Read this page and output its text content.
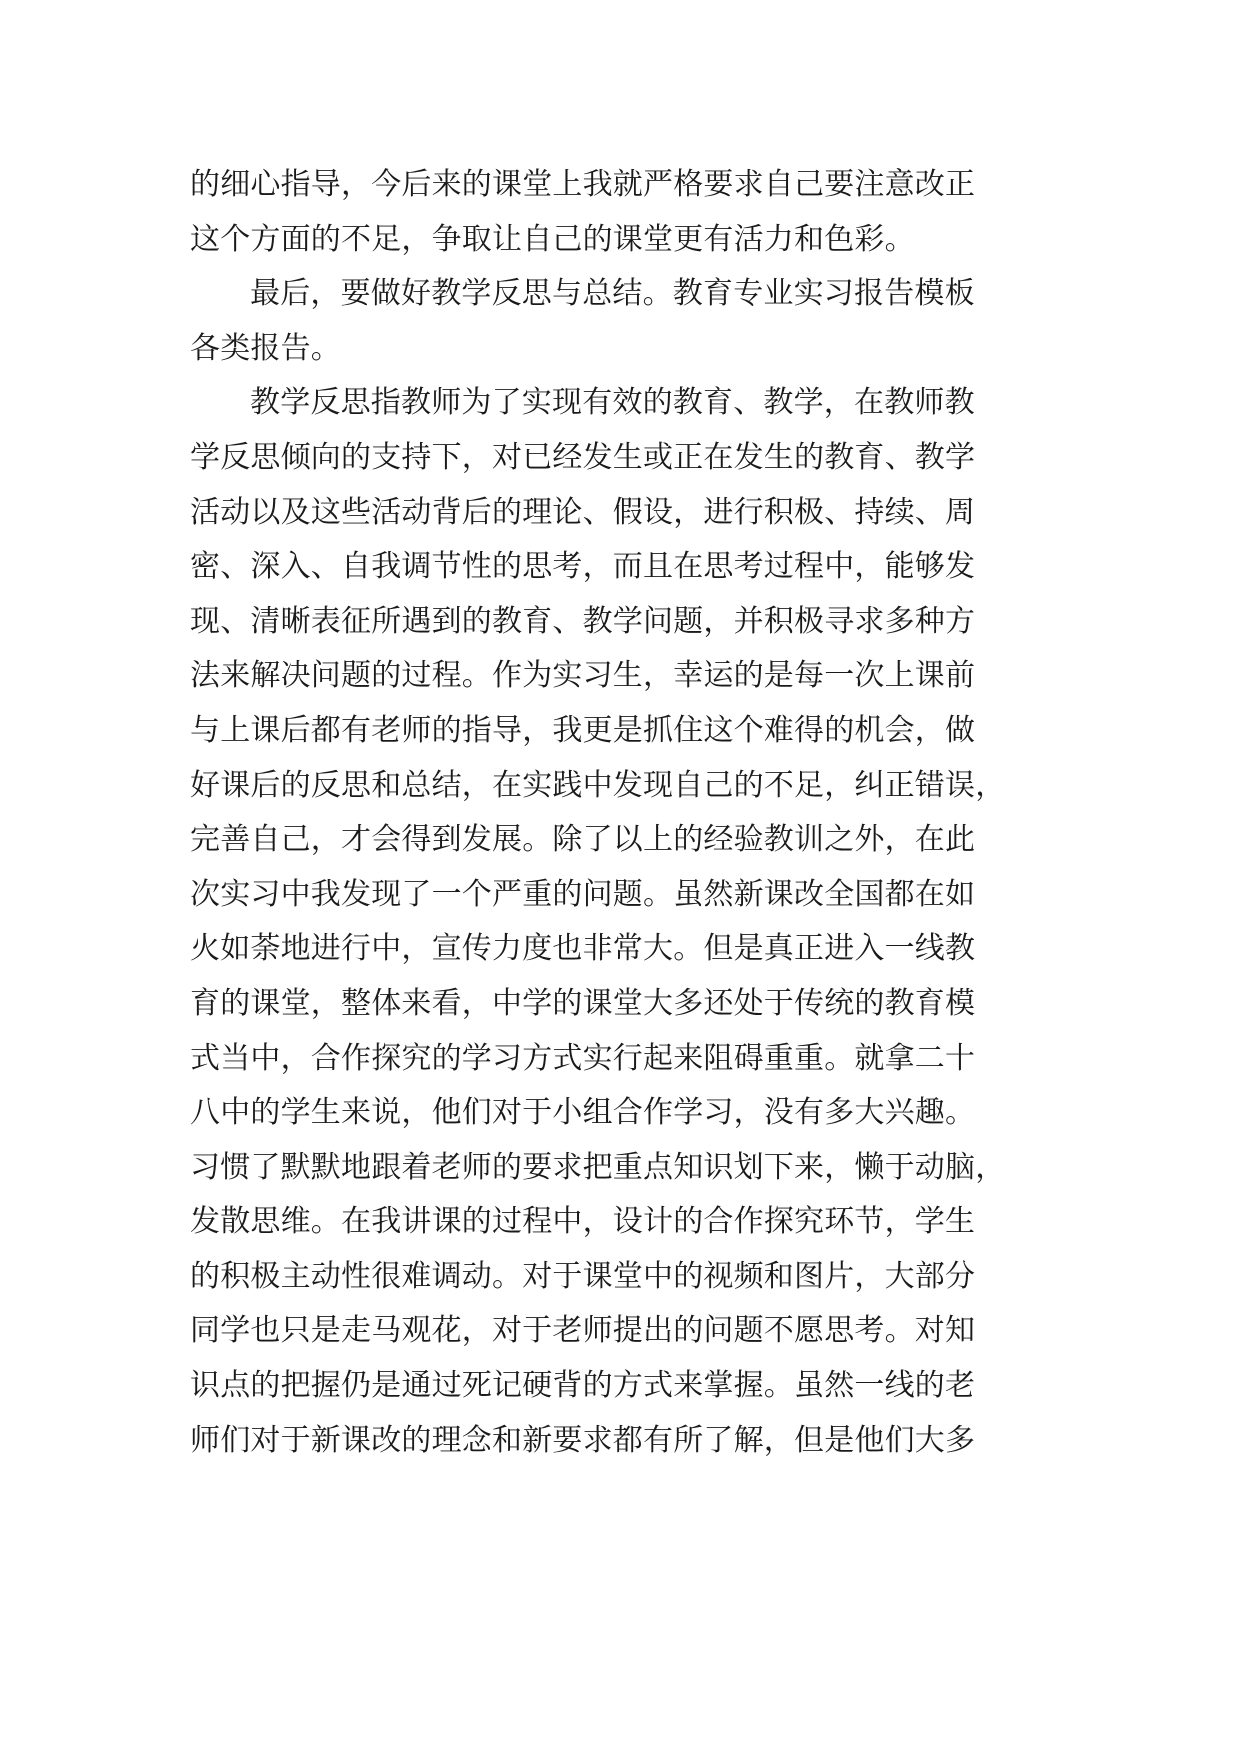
的细心指导，今后来的课堂上我就严格要求自己要注意改正
这个方面的不足，争取让自己的课堂更有活力和色彩。
最后，要做好教学反思与总结。教育专业实习报告模板
各类报告。
教学反思指教师为了实现有效的教育、教学，在教师教
学反思倾向的支持下，对已经发生或正在发生的教育、教学
活动以及这些活动背后的理论、假设，进行积极、持续、周
密、深入、自我调节性的思考，而且在思考过程中，能够发
现、清晰表征所遇到的教育、教学问题，并积极寻求多种方
法来解决问题的过程。作为实习生，幸运的是每一次上课前
与上课后都有老师的指导，我更是抓住这个难得的机会，做
好课后的反思和总结，在实践中发现自己的不足，纠正错误，
完善自己，才会得到发展。除了以上的经验教训之外，在此
次实习中我发现了一个严重的问题。虽然新课改全国都在如
火如荼地进行中，宣传力度也非常大。但是真正进入一线教
育的课堂，整体来看，中学的课堂大多还处于传统的教育模
式当中，合作探究的学习方式实行起来阻碍重重。就拿二十
八中的学生来说，他们对于小组合作学习，没有多大兴趣。
习惯了默默地跟着老师的要求把重点知识划下来，懒于动脑，
发散思维。在我讲课的过程中，设计的合作探究环节，学生
的积极主动性很难调动。对于课堂中的视频和图片，大部分
同学也只是走马观花，对于老师提出的问题不愿思考。对知
识点的把握仍是通过死记硬背的方式来掌握。虽然一线的老
师们对于新课改的理念和新要求都有所了解，但是他们大多
